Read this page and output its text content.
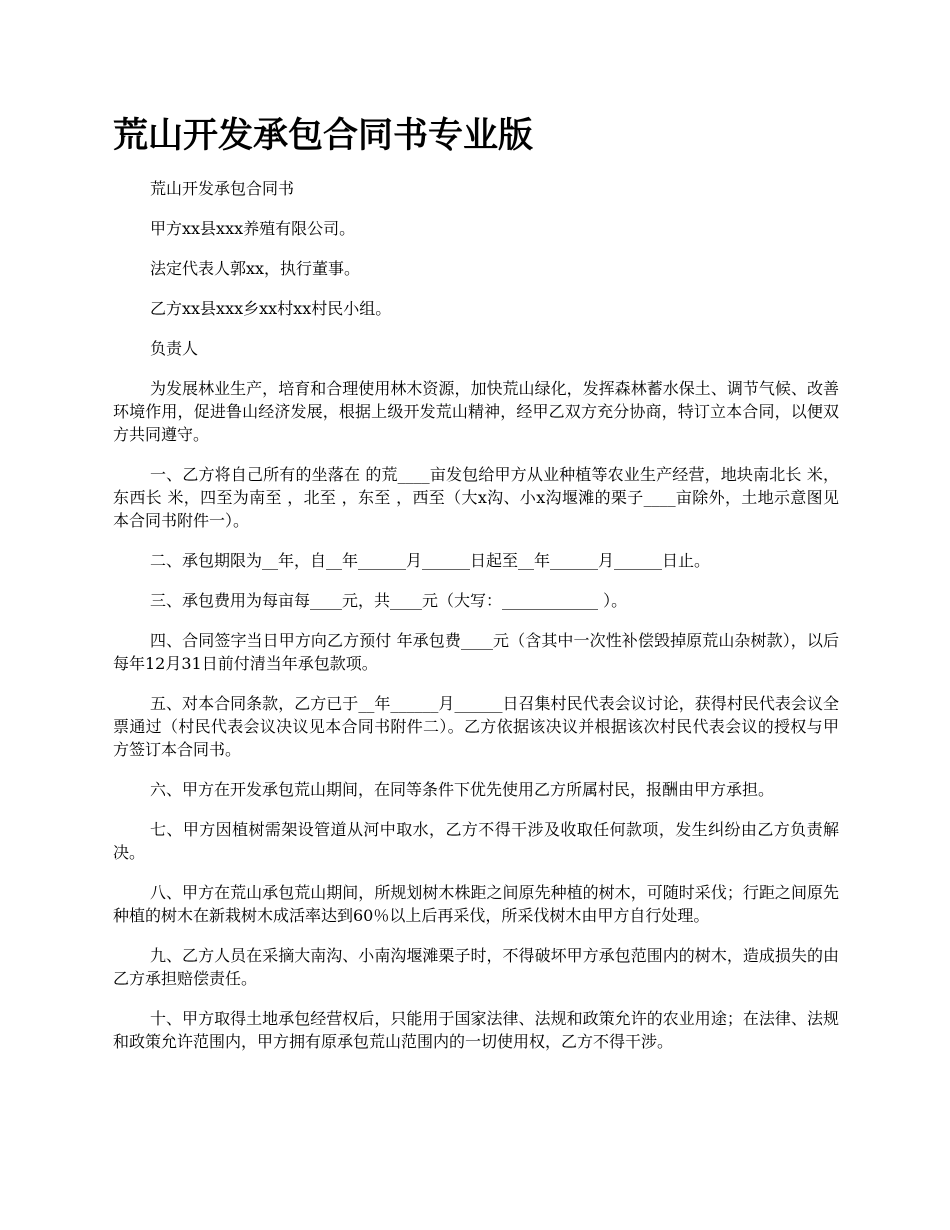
荒山开发承包合同书专业版

荒山开发承包合同书

甲方xx县xxx养殖有限公司。

法定代表人郭xx，执行董事。

乙方xx县xxx乡xx村xx村民小组。

负责人

为发展林业生产，培育和合理使用林木资源，加快荒山绿化，发挥森林蓄水保土、调节气候、改善环境作用，促进鲁山经济发展，根据上级开发荒山精神，经甲乙双方充分协商，特订立本合同，以便双方共同遵守。

一、乙方将自己所有的坐落在 的荒____亩发包给甲方从业种植等农业生产经营，地块南北长 米，东西长 米，四至为南至 ，北至 ，东至 ，西至（大x沟、小x沟堰滩的栗子____亩除外，土地示意图见本合同书附件一）。

二、承包期限为__年，自__年______月______日起至__年______月______日止。

三、承包费用为每亩每____元，共____元（大写：____________ ）。

四、合同签字当日甲方向乙方预付 年承包费____元（含其中一次性补偿毁掉原荒山杂树款），以后每年12月31日前付清当年承包款项。

五、对本合同条款，乙方已于__年______月______日召集村民代表会议讨论，获得村民代表会议全票通过（村民代表会议决议见本合同书附件二）。乙方依据该决议并根据该次村民代表会议的授权与甲方签订本合同书。

六、甲方在开发承包荒山期间，在同等条件下优先使用乙方所属村民，报酬由甲方承担。

七、甲方因植树需架设管道从河中取水，乙方不得干涉及收取任何款项，发生纠纷由乙方负责解决。

八、甲方在荒山承包荒山期间，所规划树木株距之间原先种植的树木，可随时采伐；行距之间原先种植的树木在新栽树木成活率达到60％以上后再采伐，所采伐树木由甲方自行处理。

九、乙方人员在采摘大南沟、小南沟堰滩栗子时，不得破坏甲方承包范围内的树木，造成损失的由乙方承担赔偿责任。

十、甲方取得土地承包经营权后，只能用于国家法律、法规和政策允许的农业用途；在法律、法规和政策允许范围内，甲方拥有原承包荒山范围内的一切使用权，乙方不得干涉。
